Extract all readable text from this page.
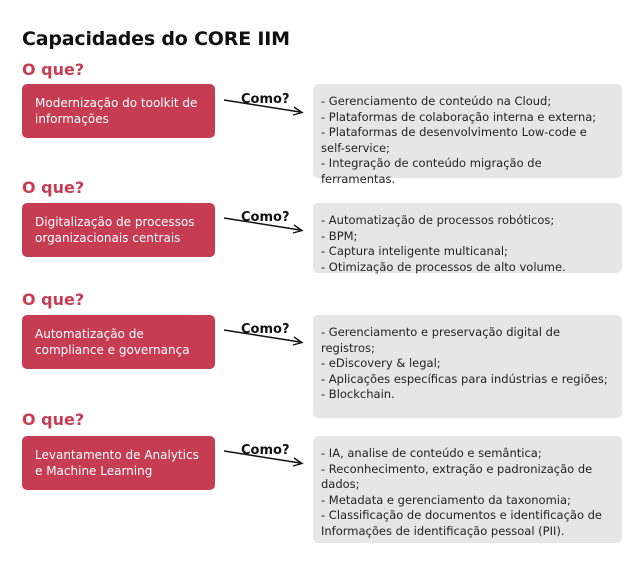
Capacidades do CORE IIM
O que?
Modernização do toolkit de informações
Como?	- Gerenciamento de conteúdo na Cloud;
- Plataformas de colaboração interna e externa;
- Plataformas de desenvolvimento Low-code e self-service;
- Integração de conteúdo migração de ferramentas.
O que?
Digitalização de processos organizacionais centrais
Como?	- Automatização de processos robóticos;
- BPM;
- Captura inteligente multicanal;
- Otimização de processos de alto volume.
O que?
Automatização de compliance e governança
Como?	- Gerenciamento e preservação digital de registros;
- eDiscovery & legal;
- Aplicações específicas para indústrias e regiões;
- Blockchain.
O que?
Levantamento de Analytics e Machine Learning
Como?	- IA, analise de conteúdo e semântica;
- Reconhecimento, extração e padronização de dados;
- Metadata e gerenciamento da taxonomia;
- Classificação de documentos e identificação de Informações de identificação pessoal (PII).
